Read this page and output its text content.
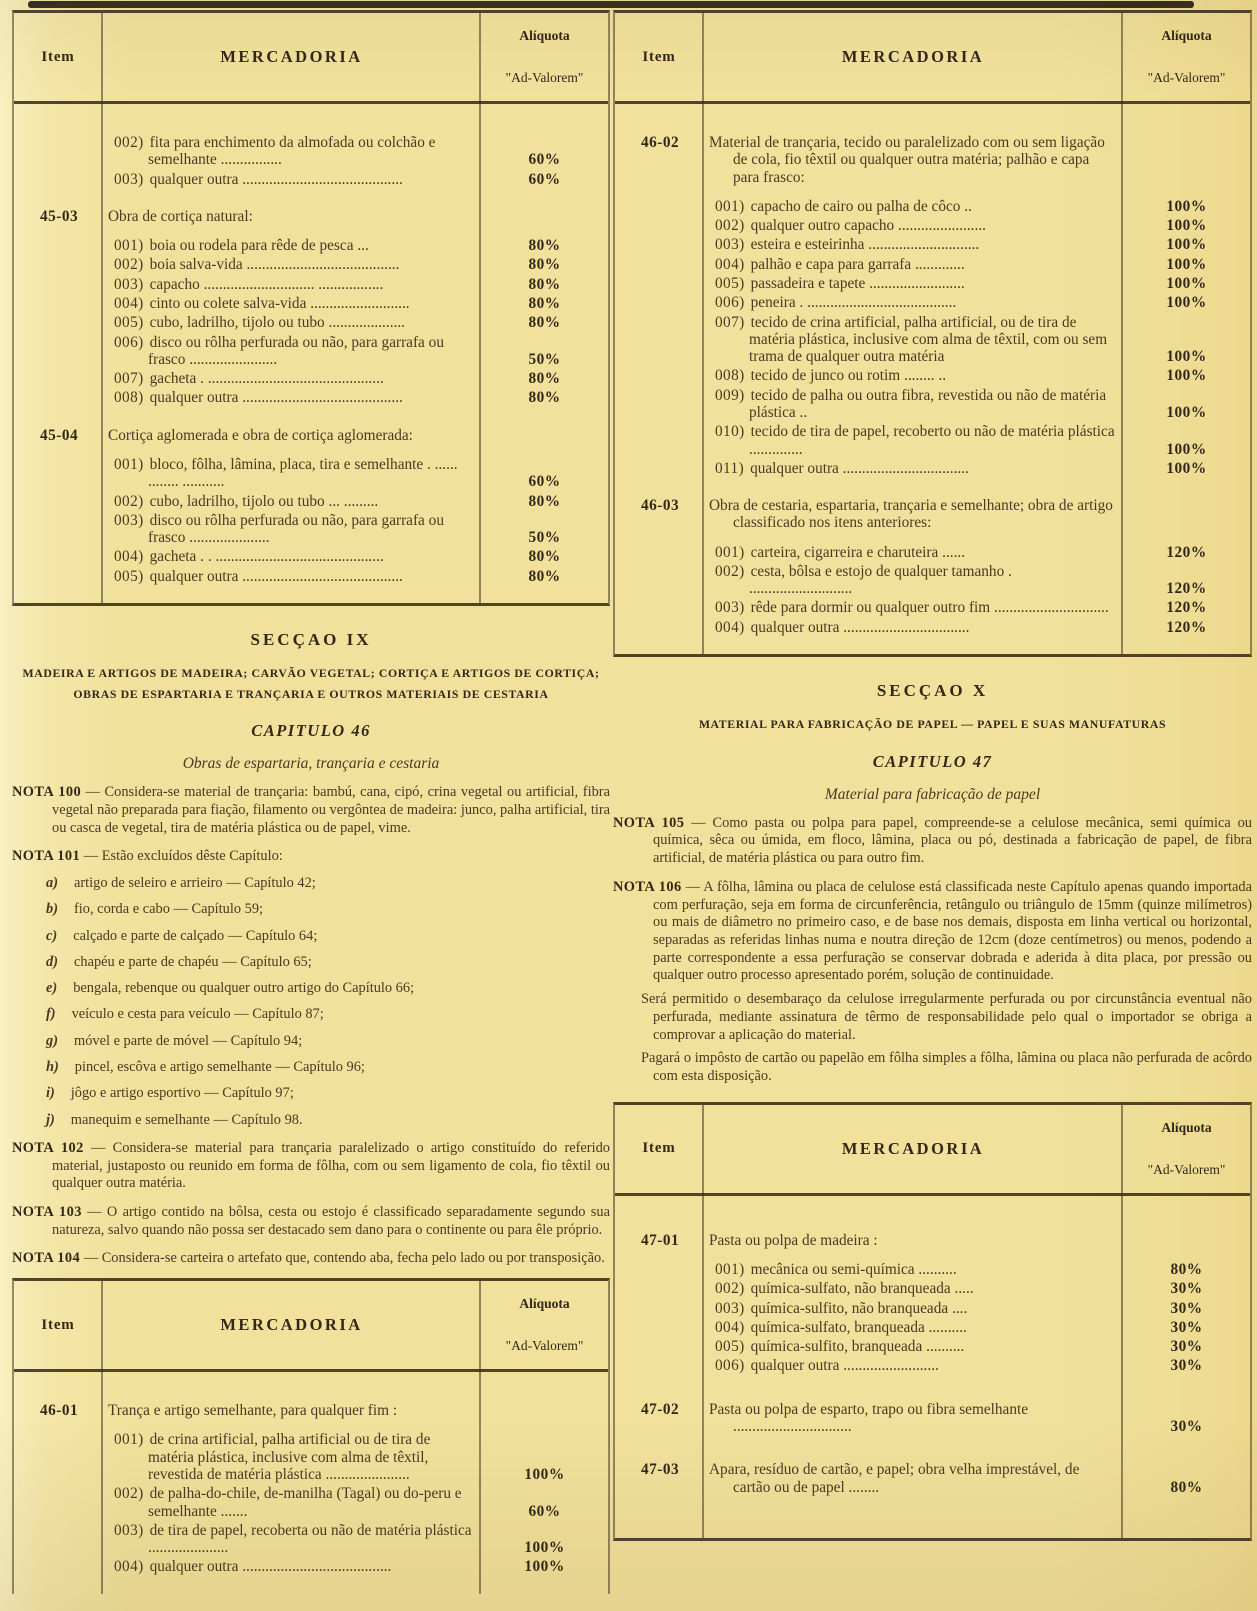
Item	MERCADORIA
Alíquota
"Ad-Valorem"
002) fita para enchimento da almofada ou colchão e semelhante ................	60%
003) qualquer outra ..........................................	60%
45-03	Obra de cortiça natural:
001) boia ou rodela para rêde de pesca ...	80%
002) boia salva-vida ........................................	80%
003) capacho ............................. .................	80%
004) cinto ou colete salva-vida ..........................	80%
005) cubo, ladrilho, tijolo ou tubo ....................	80%
006) disco ou rôlha perfurada ou não, para garrafa ou frasco .......................	50%
007) gacheta . ..............................................	80%
008) qualquer outra ..........................................	80%
45-04	Cortiça aglomerada e obra de cortiça aglomerada:
001) bloco, fôlha, lâmina, placa, tira e semelhante . ...... ........ ...........	60%
002) cubo, ladrilho, tijolo ou tubo ... .........	80%
003) disco ou rôlha perfurada ou não, para garrafa ou frasco .....................	50%
004) gacheta . . ............................................	80%
005) qualquer outra ..........................................	80%
SECÇAO IX
MADEIRA E ARTIGOS DE MADEIRA; CARVÃO VEGETAL; CORTIÇA E ARTIGOS DE CORTIÇA;
OBRAS DE ESPARTARIA E TRANÇARIA E OUTROS MATERIAIS DE CESTARIA
CAPITULO 46
Obras de espartaria, trançaria e cestaria
NOTA 100 — Considera-se material de trançaria: bambú, cana, cipó, crina vegetal ou artificial, fibra vegetal não preparada para fiação, filamento ou vergôntea de madeira: junco, palha artificial, tira ou casca de vegetal, tira de matéria plástica ou de papel, vime.
NOTA 101 — Estão excluídos dêste Capítulo:
a) artigo de seleiro e arrieiro — Capítulo 42;
b) fio, corda e cabo — Capítulo 59;
c) calçado e parte de calçado — Capítulo 64;
d) chapéu e parte de chapéu — Capítulo 65;
e) bengala, rebenque ou qualquer outro artigo do Capítulo 66;
f) veículo e cesta para veículo — Capítulo 87;
g) móvel e parte de móvel — Capítulo 94;
h) pincel, escôva e artigo semelhante — Capítulo 96;
i) jôgo e artigo esportivo — Capítulo 97;
j) manequim e semelhante — Capítulo 98.
NOTA 102 — Considera-se material para trançaria paralelizado o artigo constituído do referido material, justaposto ou reunido em forma de fôlha, com ou sem ligamento de cola, fio têxtil ou qualquer outra matéria.
NOTA 103 — O artigo contido na bôlsa, cesta ou estojo é classificado separadamente segundo sua natureza, salvo quando não possa ser destacado sem dano para o continente ou para êle próprio.
NOTA 104 — Considera-se carteira o artefato que, contendo aba, fecha pelo lado ou por transposição.
Item	MERCADORIA
Alíquota
"Ad-Valorem"
46-01	Trança e artigo semelhante, para qualquer fim :
001) de crina artificial, palha artificial ou de tira de matéria plástica, inclusive com alma de têxtil, revestida de matéria plástica ......................	100%
002) de palha-do-chile, de-manilha (Tagal) ou do-peru e semelhante .......	60%
003) de tira de papel, recoberta ou não de matéria plástica .....................	100%
004) qualquer outra .......................................	100%
Item	MERCADORIA
Alíquota
"Ad-Valorem"
46-02	Material de trançaria, tecido ou paralelizado com ou sem ligação de cola, fio têxtil ou qualquer outra matéria; palhão e capa para frasco:
001) capacho de cairo ou palha de côco ..	100%
002) qualquer outro capacho .......................	100%
003) esteira e esteirinha .............................	100%
004) palhão e capa para garrafa .............	100%
005) passadeira e tapete .........................	100%
006) peneira . .......................................	100%
007) tecido de crina artificial, palha artificial, ou de tira de matéria plástica, inclusive com alma de têxtil, com ou sem trama de qualquer outra matéria	100%
008) tecido de junco ou rotim ........ ..	100%
009) tecido de palha ou outra fibra, revestida ou não de matéria plástica ..	100%
010) tecido de tira de papel, recoberto ou não de matéria plástica ..............	100%
011) qualquer outra .................................	100%
46-03	Obra de cestaria, espartaria, trançaria e semelhante; obra de artigo classificado nos itens anteriores:
001) carteira, cigarreira e charuteira ......	120%
002) cesta, bôlsa e estojo de qualquer tamanho . ...........................	120%
003) rêde para dormir ou qualquer outro fim ..............................	120%
004) qualquer outra .................................	120%
SECÇAO X
MATERIAL PARA FABRICAÇÃO DE PAPEL — PAPEL E SUAS MANUFATURAS
CAPITULO 47
Material para fabricação de papel
NOTA 105 — Como pasta ou polpa para papel, compreende-se a celulose mecânica, semi química ou química, sêca ou úmida, em floco, lâmina, placa ou pó, destinada a fabricação de papel, de fibra artificial, de matéria plástica ou para outro fim.
NOTA 106 — A fôlha, lâmina ou placa de celulose está classificada neste Capítulo apenas quando importada com perfuração, seja em forma de circunferência, retângulo ou triângulo de 15mm (quinze milímetros) ou mais de diâmetro no primeiro caso, e de base nos demais, disposta em linha vertical ou horizontal, separadas as referidas linhas numa e noutra direção de 12cm (doze centímetros) ou menos, podendo a parte correspondente a essa perfuração se conservar dobrada e aderida à dita placa, por pressão ou qualquer outro processo apresentado porém, solução de continuidade.
Será permitido o desembaraço da celulose irregularmente perfurada ou por circunstância eventual não perfurada, mediante assinatura de têrmo de responsabilidade pelo qual o importador se obriga a comprovar a aplicação do material.
Pagará o impôsto de cartão ou papelão em fôlha simples a fôlha, lâmina ou placa não perfurada de acôrdo com esta disposição.
Item	MERCADORIA
Alíquota
"Ad-Valorem"
47-01	Pasta ou polpa de madeira :
001) mecânica ou semi-química ..........	80%
002) química-sulfato, não branqueada .....	30%
003) química-sulfito, não branqueada ....	30%
004) química-sulfato, branqueada ..........	30%
005) química-sulfito, branqueada ..........	30%
006) qualquer outra .........................	30%
47-02	Pasta ou polpa de esparto, trapo ou fibra semelhante ...............................	30%
47-03	Apara, resíduo de cartão, e papel; obra velha imprestável, de cartão ou de papel ........	80%
